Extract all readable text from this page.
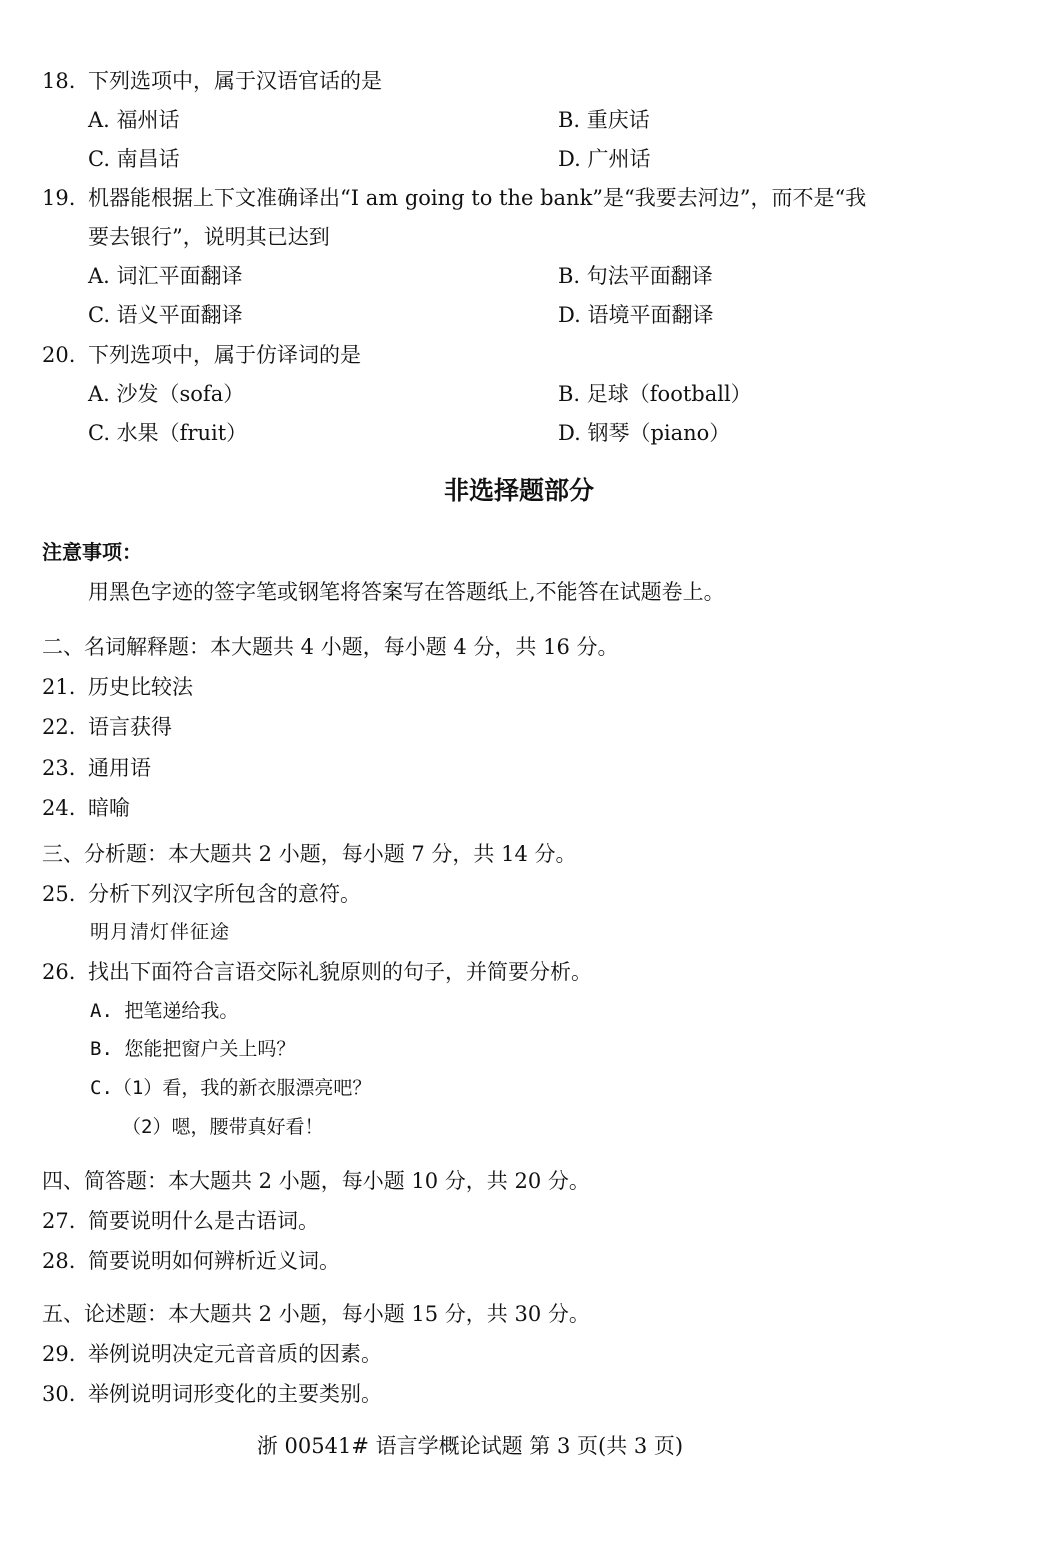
18. 下列选项中，属于汉语官话的是
A. 福州话	B. 重庆话
C. 南昌话	D. 广州话
19. 机器能根据上下文准确译出“I am going to the bank”是“我要去河边”，而不是“我
要去银行”，说明其已达到
A. 词汇平面翻译	B. 句法平面翻译
C. 语义平面翻译	D. 语境平面翻译
20. 下列选项中，属于仿译词的是
A. 沙发（sofa）	B. 足球（football）
C. 水果（fruit）	D. 钢琴（piano）
非选择题部分
注意事项：
用黑色字迹的签字笔或钢笔将答案写在答题纸上,不能答在试题卷上。
二、名词解释题：本大题共 4 小题，每小题 4 分，共 16 分。
21. 历史比较法
22. 语言获得
23. 通用语
24. 暗喻
三、分析题：本大题共 2 小题，每小题 7 分，共 14 分。
25. 分析下列汉字所包含的意符。
明月清灯伴征途
26. 找出下面符合言语交际礼貌原则的句子，并简要分析。
A. 把笔递给我。
B. 您能把窗户关上吗？
C.（1）看，我的新衣服漂亮吧？
（2）嗯，腰带真好看！
四、简答题：本大题共 2 小题，每小题 10 分，共 20 分。
27. 简要说明什么是古语词。
28. 简要说明如何辨析近义词。
五、论述题：本大题共 2 小题，每小题 15 分，共 30 分。
29. 举例说明决定元音音质的因素。
30. 举例说明词形变化的主要类别。
浙 00541# 语言学概论试题 第 3 页(共 3 页)
